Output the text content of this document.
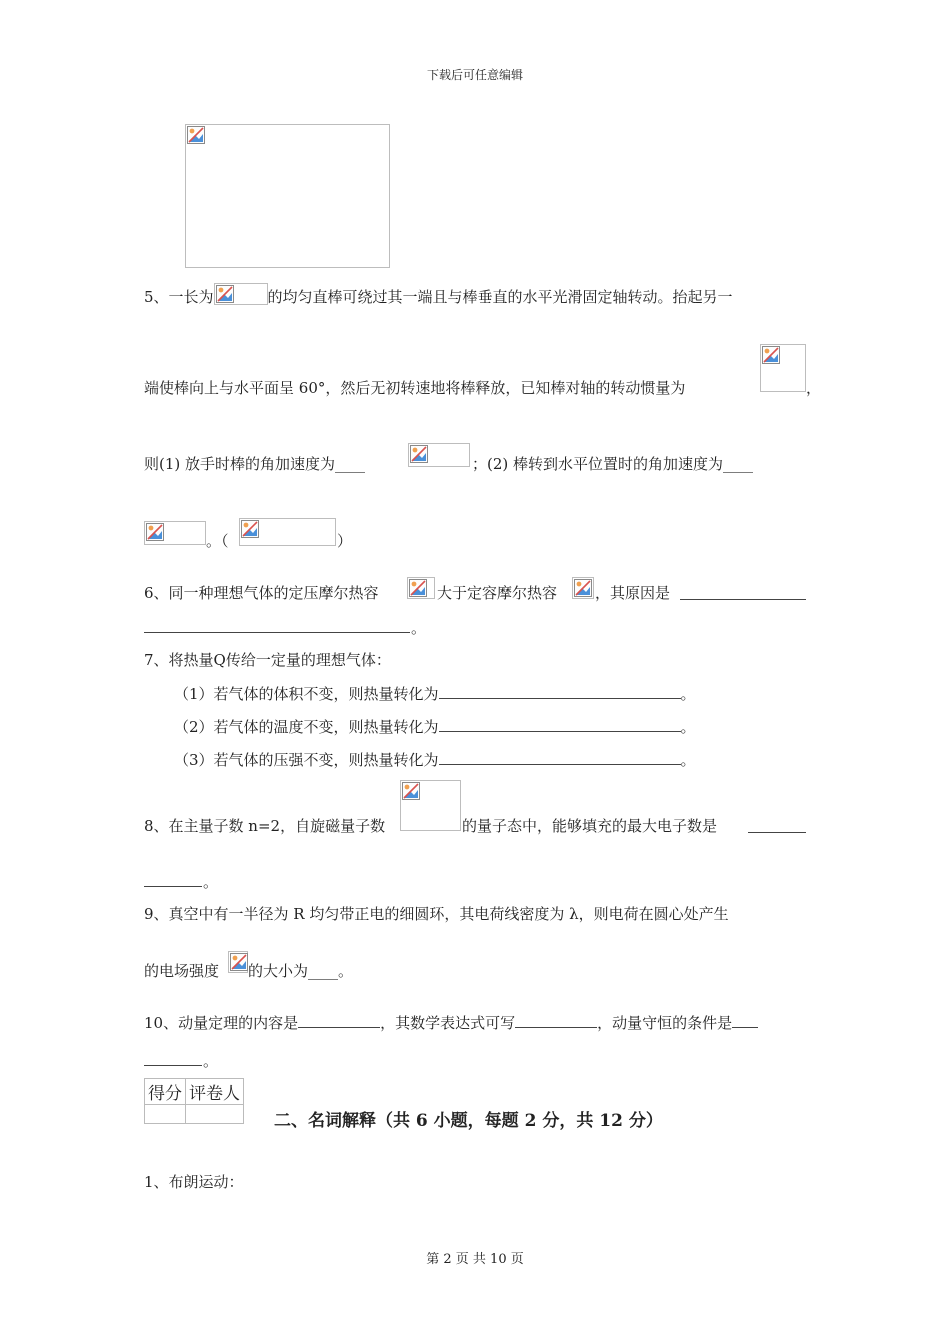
下载后可任意编辑
5、一长为	的均匀直棒可绕过其一端且与棒垂直的水平光滑固定轴转动。抬起另一
端使棒向上与水平面呈 60°，然后无初转速地将棒释放，已知棒对轴的转动惯量为	，
则(1) 放手时棒的角加速度为____	；(2) 棒转到水平位置时的角加速度为____
。（	）
6、同一种理想气体的定压摩尔热容	大于定容摩尔热容	，其原因是
。
7、将热量Q传给一定量的理想气体：
（1）若气体的体积不变，则热量转化为	。
（2）若气体的温度不变，则热量转化为	。
（3）若气体的压强不变，则热量转化为	。
8、在主量子数 n=2，自旋磁量子数	的量子态中，能够填充的最大电子数是
。
9、真空中有一半径为 R 均匀带正电的细圆环，其电荷线密度为 λ，则电荷在圆心处产生
的电场强度 的大小为____。
10、动量定理的内容是	，其数学表达式可写	，动量守恒的条件是
。
得分	评卷人

二、名词解释（共 6 小题，每题 2 分，共 12 分）
1、布朗运动：
第 2 页 共 10 页
